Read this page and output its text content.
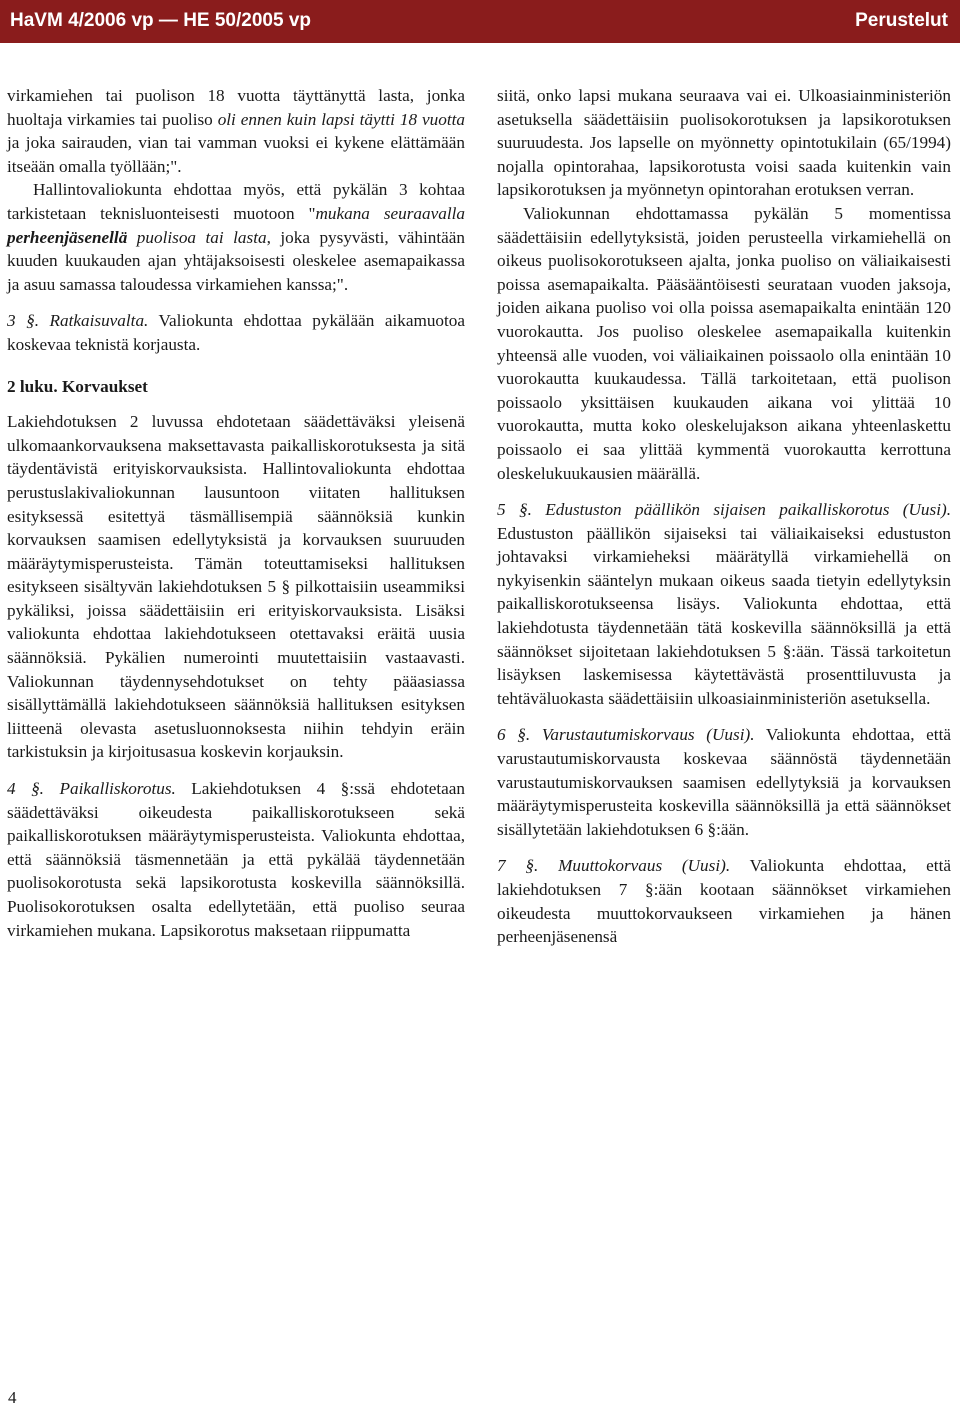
HaVM 4/2006 vp — HE 50/2005 vp	Perustelut

virkamiehen tai puolison 18 vuotta täyttänyttä lasta, jonka huoltaja virkamies tai puoliso oli ennen kuin lapsi täytti 18 vuotta ja joka sairauden, vian tai vamman vuoksi ei kykene elättämään itseään omalla työllään;".

Hallintovaliokunta ehdottaa myös, että pykälän 3 kohtaa tarkistetaan teknisluonteisesti muotoon "mukana seuraavalla perheenjäsenellä puolisoa tai lasta, joka pysyvästi, vähintään kuuden kuukauden ajan yhtäjaksoisesti oleskelee asemapaikassa ja asuu samassa taloudessa virkamiehen kanssa;".

3 §. Ratkaisuvalta. Valiokunta ehdottaa pykälään aikamuotoa koskevaa teknistä korjausta.

2 luku. Korvaukset

Lakiehdotuksen 2 luvussa ehdotetaan säädettäväksi yleisenä ulkomaankorvauksena maksettavasta paikalliskorotuksesta ja sitä täydentävistä erityiskorvauksista. Hallintovaliokunta ehdottaa perustuslakivaliokunnan lausuntoon viitaten hallituksen esityksessä esitettyä täsmällisempiä säännöksiä kunkin korvauksen saamisen edellytyksistä ja korvauksen suuruuden määräytymisperusteista. Tämän toteuttamiseksi hallituksen esitykseen sisältyvän lakiehdotuksen 5 § pilkottaisiin useammiksi pykäliksi, joissa säädettäisiin eri erityiskorvauksista. Lisäksi valiokunta ehdottaa lakiehdotukseen otettavaksi eräitä uusia säännöksiä. Pykälien numerointi muutettaisiin vastaavasti. Valiokunnan täydennysehdotukset on tehty pääasiassa sisällyttämällä lakiehdotukseen säännöksiä hallituksen esityksen liitteenä olevasta asetusluonnoksesta niihin tehdyin eräin tarkistuksin ja kirjoitusasua koskevin korjauksin.

4 §. Paikalliskorotus. Lakiehdotuksen 4 §:ssä ehdotetaan säädettäväksi oikeudesta paikalliskorotukseen sekä paikalliskorotuksen määräytymisperusteista. Valiokunta ehdottaa, että säännöksiä täsmennetään ja että pykälää täydennetään puolisokorotusta sekä lapsikorotusta koskevilla säännöksillä. Puolisokorotuksen osalta edellytetään, että puoliso seuraa virkamiehen mukana. Lapsikorotus maksetaan riippumatta

siitä, onko lapsi mukana seuraava vai ei. Ulkoasiainministeriön asetuksella säädettäisiin puolisokorotuksen ja lapsikorotuksen suuruudesta. Jos lapselle on myönnetty opintotukilain (65/1994) nojalla opintorahaa, lapsikorotusta voisi saada kuitenkin vain lapsikorotuksen ja myönnetyn opintorahan erotuksen verran.

Valiokunnan ehdottamassa pykälän 5 momentissa säädettäisiin edellytyksistä, joiden perusteella virkamiehellä on oikeus puolisokorotukseen ajalta, jonka puoliso on väliaikaisesti poissa asemapaikalta. Pääsääntöisesti seurataan vuoden jaksoja, joiden aikana puoliso voi olla poissa asemapaikalta enintään 120 vuorokautta. Jos puoliso oleskelee asemapaikalla kuitenkin yhteensä alle vuoden, voi väliaikainen poissaolo olla enintään 10 vuorokautta kuukaudessa. Tällä tarkoitetaan, että puolison poissaolo yksittäisen kuukauden aikana voi ylittää 10 vuorokautta, mutta koko oleskelujakson aikana yhteenlaskettu poissaolo ei saa ylittää kymmentä vuorokautta kerrottuna oleskelukuukausien määrällä.

5 §. Edustuston päällikön sijaisen paikalliskorotus (Uusi). Edustuston päällikön sijaiseksi tai väliaikaiseksi edustuston johtavaksi virkamieheksi määrätyllä virkamiehellä on nykyisenkin sääntelyn mukaan oikeus saada tietyin edellytyksin paikalliskorotukseensa lisäys. Valiokunta ehdottaa, että lakiehdotusta täydennetään tätä koskevilla säännöksillä ja että säännökset sijoitetaan lakiehdotuksen 5 §:ään. Tässä tarkoitetun lisäyksen laskemisessa käytettävästä prosenttiluvusta ja tehtäväluokasta säädettäisiin ulkoasiainministeriön asetuksella.

6 §. Varustautumiskorvaus (Uusi). Valiokunta ehdottaa, että varustautumiskorvausta koskevaa säännöstä täydennetään varustautumiskorvauksen saamisen edellytyksiä ja korvauksen määräytymisperusteita koskevilla säännöksillä ja että säännökset sisällytetään lakiehdotuksen 6 §:ään.

7 §. Muuttokorvaus (Uusi). Valiokunta ehdottaa, että lakiehdotuksen 7 §:ään kootaan säännökset virkamiehen oikeudesta muuttokorvaukseen virkamiehen ja hänen perheenjäsenensä

4
